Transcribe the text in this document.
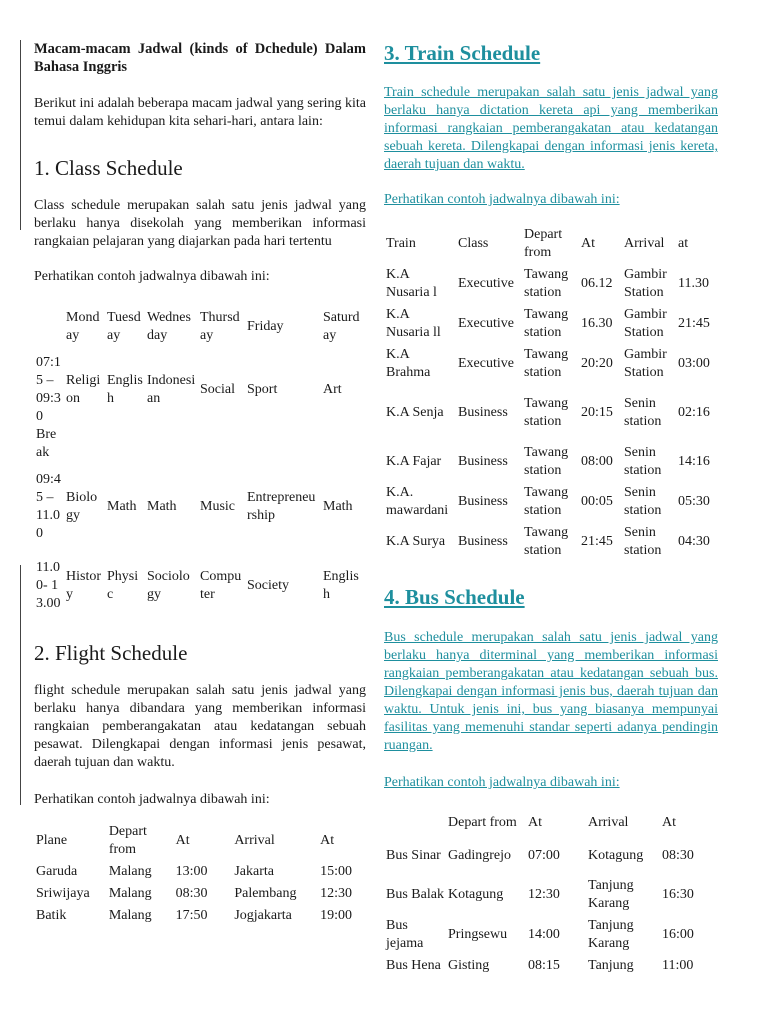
Macam-macam Jadwal (kinds of Dchedule) Dalam Bahasa Inggris

Berikut ini adalah beberapa macam jadwal yang sering kita temui dalam kehidupan kita sehari-hari, antara lain:

1. Class Schedule

Class schedule merupakan salah satu jenis jadwal yang berlaku hanya disekolah yang memberikan informasi rangkaian pelajaran yang diajarkan pada hari tertentu

Perhatikan contoh jadwalnya dibawah ini:

	Monday	Tuesday	Wednesday	Thursday	Friday	Saturday
07:15 – 09:30	Religion	English	Indonesian	Social	Sport	Art
Break						
09:45 – 11.00	Biology	Math	Math	Music	Entrepreneurship	Math
11.00- 13.00	History	Physic	Sociology	Computer	Society	English
2. Flight Schedule

flight schedule merupakan salah satu jenis jadwal yang berlaku hanya dibandara yang memberikan informasi rangkaian pemberangakatan atau kedatangan sebuah pesawat. Dilengkapai dengan informasi jenis pesawat, daerah tujuan dan waktu.

Perhatikan contoh jadwalnya dibawah ini:

Plane	Depart from	At	Arrival	At
Garuda	Malang	13:00	Jakarta	15:00
Sriwijaya	Malang	08:30	Palembang	12:30
Batik	Malang	17:50	Jogjakarta	19:00
3. Train Schedule

Train schedule merupakan salah satu jenis jadwal yang berlaku hanya dictation kereta api yang memberikan informasi rangkaian pemberangakatan atau kedatangan sebuah kereta. Dilengkapai dengan informasi jenis kereta, daerah tujuan dan waktu.

Perhatikan contoh jadwalnya dibawah ini:

Train	Class	Depart from	At	Arrival	at
K.A Nusaria l	Executive	Tawang station	06.12	Gambir Station	11.30
K.A Nusaria ll	Executive	Tawang station	16.30	Gambir Station	21:45
K.A Brahma	Executive	Tawang station	20:20	Gambir Station	03:00
K.A Senja	Business	Tawang station	20:15	Senin station	02:16
K.A Fajar	Business	Tawang station	08:00	Senin station	14:16
K.A. mawardani	Business	Tawang station	00:05	Senin station	05:30
K.A Surya	Business	Tawang station	21:45	Senin station	04:30
4. Bus Schedule

Bus schedule merupakan salah satu jenis jadwal yang berlaku hanya diterminal yang memberikan informasi rangkaian pemberangakatan atau kedatangan sebuah bus. Dilengkapai dengan informasi jenis bus, daerah tujuan dan waktu. Untuk jenis ini, bus yang biasanya mempunyai fasilitas yang memenuhi standar seperti adanya pendingin ruangan.

Perhatikan contoh jadwalnya dibawah ini:

	Depart from	At	Arrival	At
Bus Sinar	Gadingrejo	07:00	Kotagung	08:30
Bus Balak	Kotagung	12:30	Tanjung Karang	16:30
Bus jejama	Pringsewu	14:00	Tanjung Karang	16:00
Bus Hena	Gisting	08:15	Tanjung	11:00
